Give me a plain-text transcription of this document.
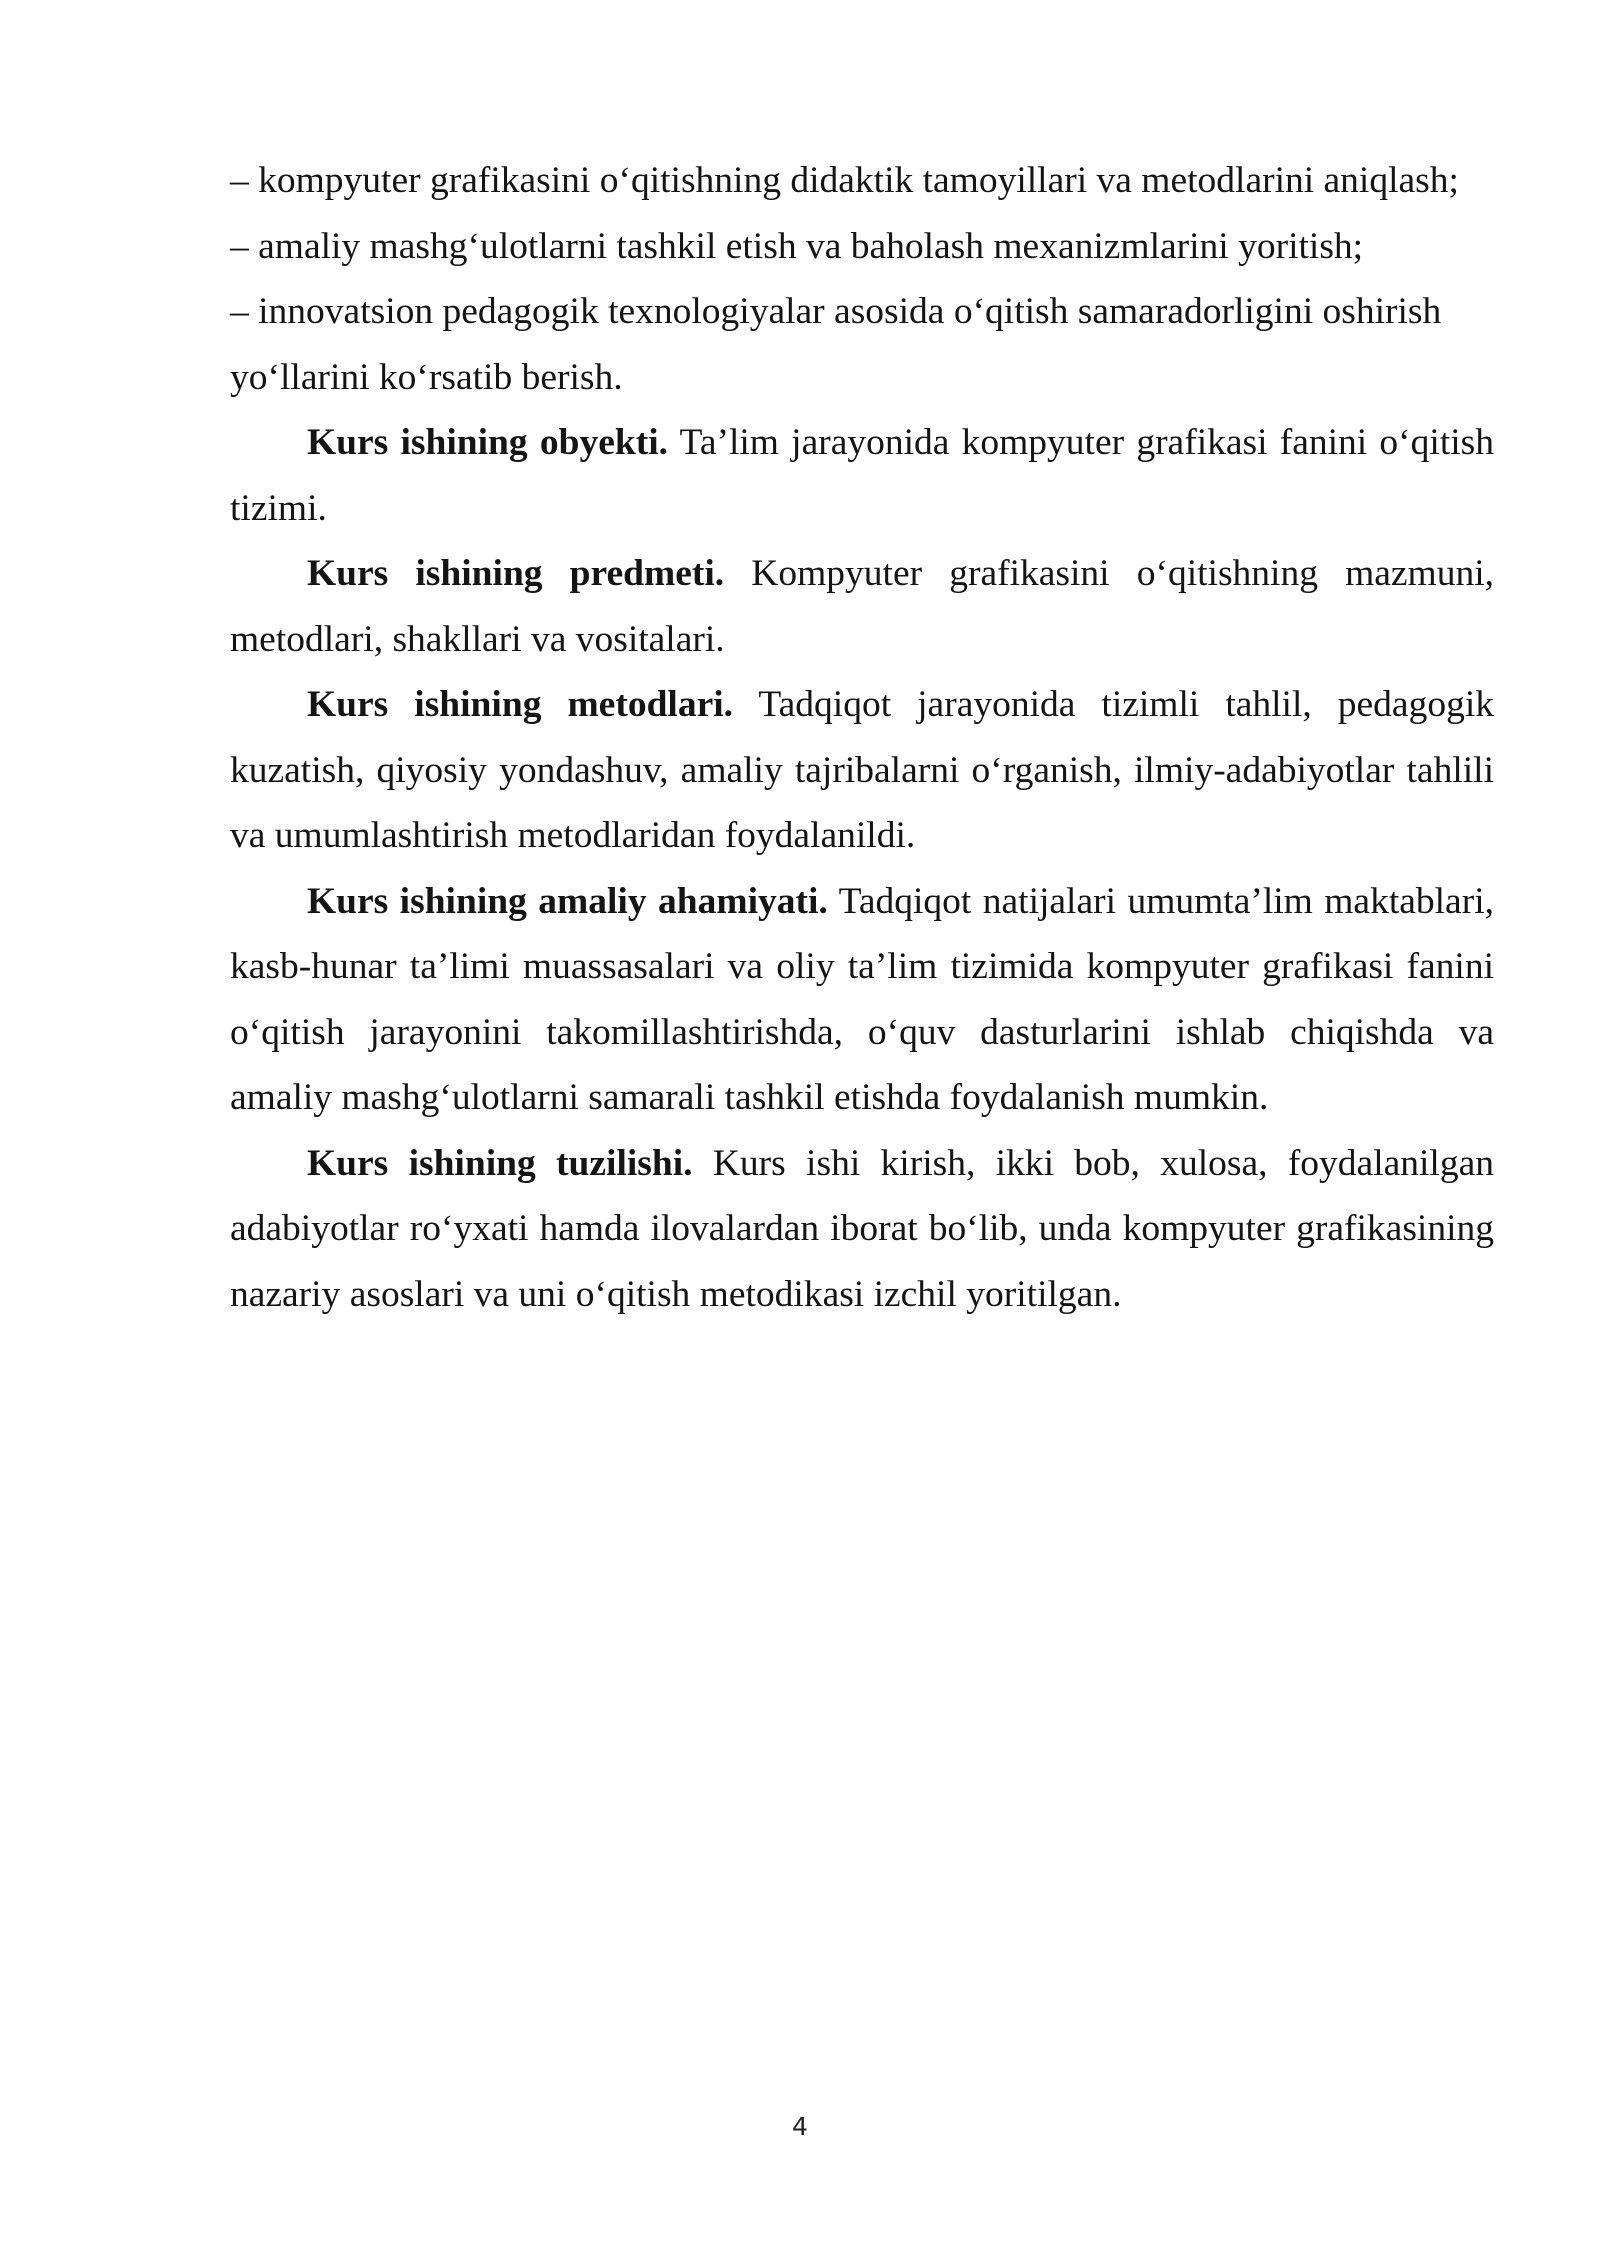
– kompyuter grafikasini o‘qitishning didaktik tamoyillari va metodlarini aniqlash;

– amaliy mashg‘ulotlarni tashkil etish va baholash mexanizmlarini yoritish;

– innovatsion pedagogik texnologiyalar asosida o‘qitish samaradorligini oshirish yo‘llarini ko‘rsatib berish.

Kurs ishining obyekti. Ta’lim jarayonida kompyuter grafikasi fanini o‘qitish tizimi.

Kurs ishining predmeti. Kompyuter grafikasini o‘qitishning mazmuni, metodlari, shakllari va vositalari.

Kurs ishining metodlari. Tadqiqot jarayonida tizimli tahlil, pedagogik kuzatish, qiyosiy yondashuv, amaliy tajribalarni o‘rganish, ilmiy-adabiyotlar tahlili va umumlashtirish metodlaridan foydalanildi.

Kurs ishining amaliy ahamiyati. Tadqiqot natijalari umumta’lim maktablari, kasb-hunar ta’limi muassasalari va oliy ta’lim tizimida kompyuter grafikasi fanini o‘qitish jarayonini takomillashtirishda, o‘quv dasturlarini ishlab chiqishda va amaliy mashg‘ulotlarni samarali tashkil etishda foydalanish mumkin.

Kurs ishining tuzilishi. Kurs ishi kirish, ikki bob, xulosa, foydalanilgan adabiyotlar ro‘yxati hamda ilovalardan iborat bo‘lib, unda kompyuter grafikasining nazariy asoslari va uni o‘qitish metodikasi izchil yoritilgan.

4
